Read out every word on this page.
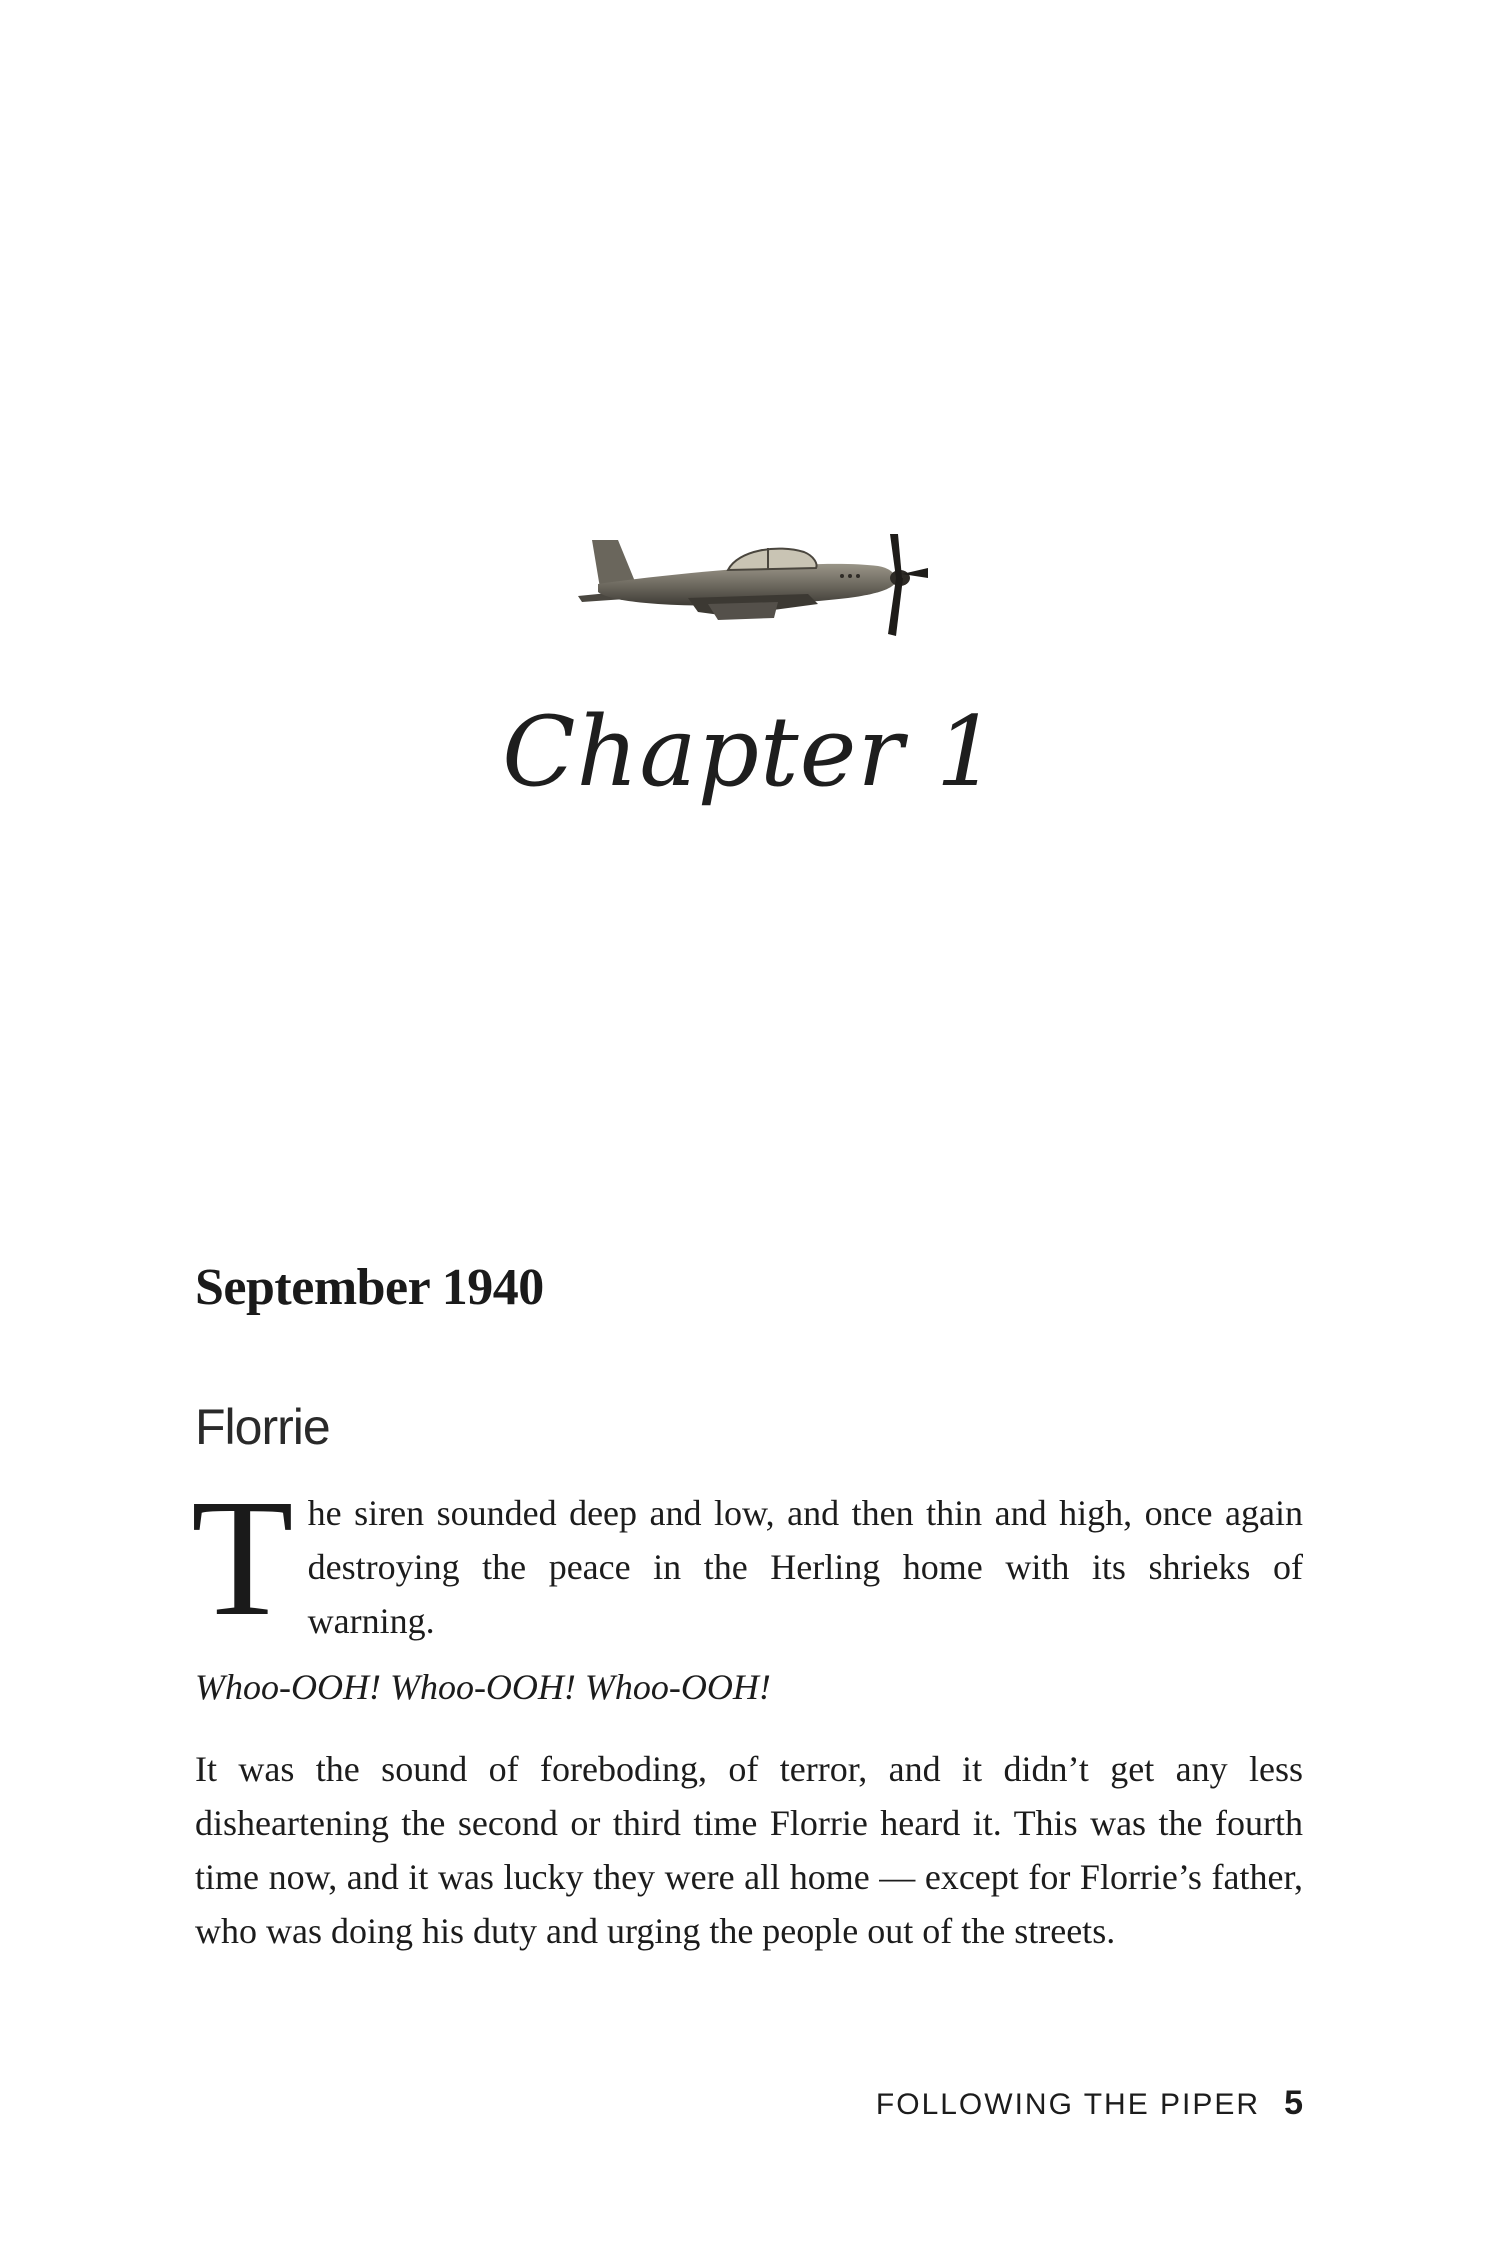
Chapter 1
September 1940
Florrie
The siren sounded deep and low, and then thin and high, once again destroying the peace in the Herling home with its shrieks of warning.
Whoo-OOH! Whoo-OOH! Whoo-OOH!
It was the sound of foreboding, of terror, and it didn’t get any less disheartening the second or third time Florrie heard it. This was the fourth time now, and it was lucky they were all home — except for Florrie’s father, who was doing his duty and urging the people out of the streets.
FOLLOWING THE PIPER 5
